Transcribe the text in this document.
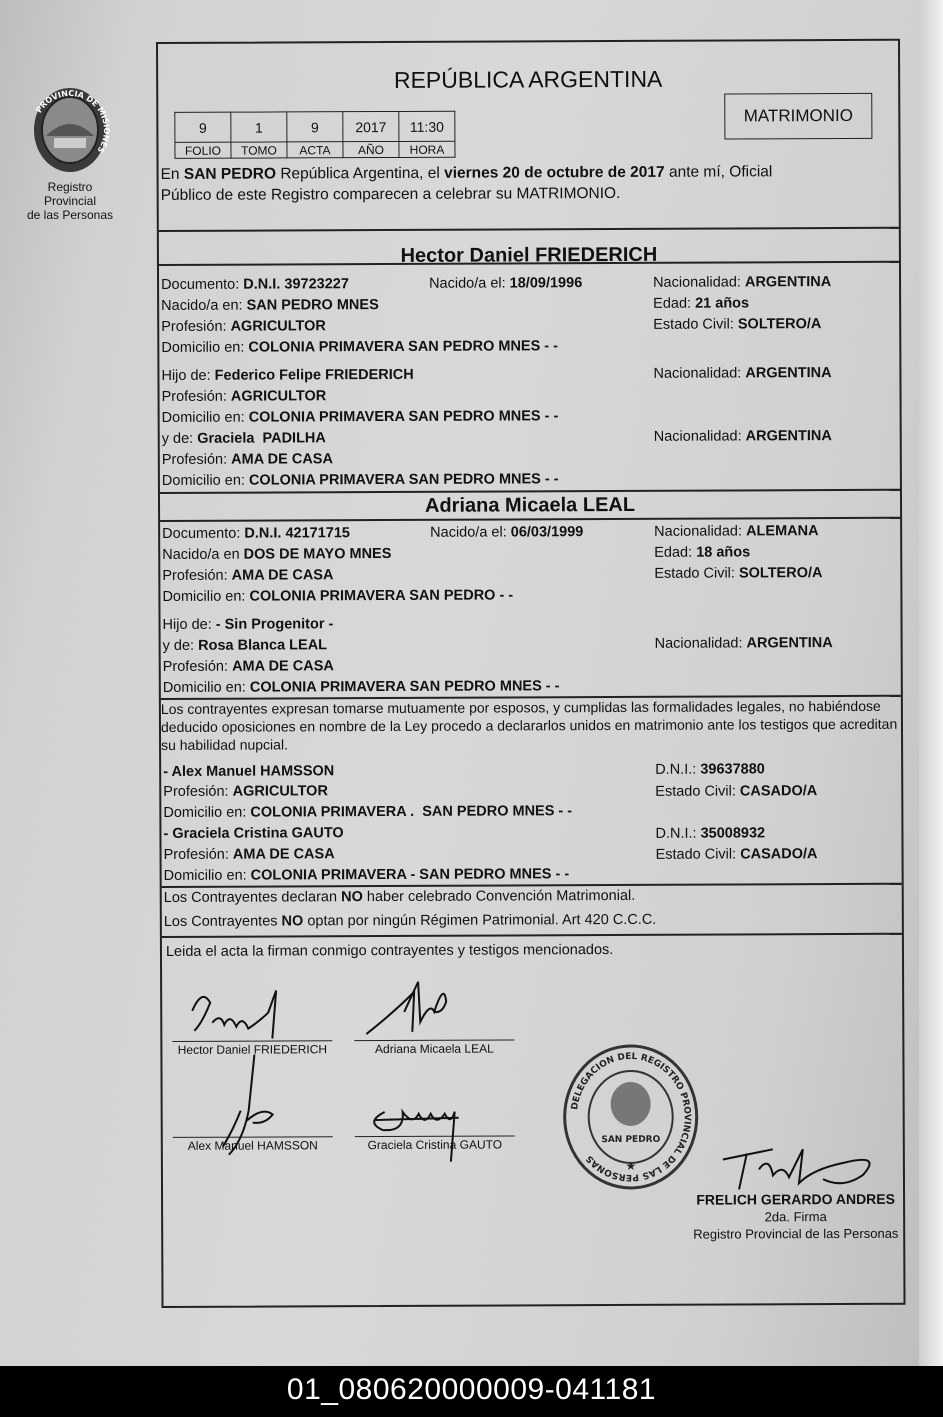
PROVINCIA DE MISIONES
Registro Provincial
de las Personas
REPÚBLICA ARGENTINA
9	1	9	2017	11:30
FOLIO	TOMO	ACTA	AÑO	HORA
MATRIMONIO
En SAN PEDRO República Argentina, el viernes 20 de octubre de 2017 ante mí, Oficial
Público de este Registro comparecen a celebrar su MATRIMONIO.
Hector Daniel FRIEDERICH
Documento: D.N.I. 39723227	Nacido/a el: 18/09/1996	Nacionalidad: ARGENTINA
Nacido/a en: SAN PEDRO MNES	Edad: 21 años
Profesión: AGRICULTOR	Estado Civil: SOLTERO/A
Domicilio en: COLONIA PRIMAVERA SAN PEDRO MNES - -
Hijo de: Federico Felipe FRIEDERICH	Nacionalidad: ARGENTINA
Profesión: AGRICULTOR
Domicilio en: COLONIA PRIMAVERA SAN PEDRO MNES - -
y de: Graciela  PADILHA	Nacionalidad: ARGENTINA
Profesión: AMA DE CASA
Domicilio en: COLONIA PRIMAVERA SAN PEDRO MNES - -
Adriana Micaela LEAL
Documento: D.N.I. 42171715	Nacido/a el: 06/03/1999	Nacionalidad: ALEMANA
Nacido/a en DOS DE MAYO MNES	Edad: 18 años
Profesión: AMA DE CASA	Estado Civil: SOLTERO/A
Domicilio en: COLONIA PRIMAVERA SAN PEDRO - -
Hijo de: - Sin Progenitor -
y de: Rosa Blanca LEAL	Nacionalidad: ARGENTINA
Profesión: AMA DE CASA
Domicilio en: COLONIA PRIMAVERA SAN PEDRO MNES - -
Los contrayentes expresan tomarse mutuamente por esposos, y cumplidas las formalidades legales, no habiéndose deducido oposiciones en nombre de la Ley procedo a declararlos unidos en matrimonio ante los testigos que acreditan su habilidad nupcial.
- Alex Manuel HAMSSON	D.N.I.: 39637880
Profesión: AGRICULTOR	Estado Civil: CASADO/A
Domicilio en: COLONIA PRIMAVERA .  SAN PEDRO MNES - -
- Graciela Cristina GAUTO	D.N.I.: 35008932
Profesión: AMA DE CASA	Estado Civil: CASADO/A
Domicilio en: COLONIA PRIMAVERA - SAN PEDRO MNES - -
Los Contrayentes declaran NO haber celebrado Convención Matrimonial.
Los Contrayentes NO optan por ningún Régimen Patrimonial. Art 420 C.C.C.
Leida el acta la firman conmigo contrayentes y testigos mencionados.
Hector Daniel FRIEDERICH	Adriana Micaela LEAL
Alex Manuel HAMSSON	Graciela Cristina GAUTO
DELEGACION DEL REGISTRO PROVINCIAL DE LAS PERSONAS
SAN PEDRO
★
FRELICH GERARDO ANDRES
2da. Firma
Registro Provincial de las Personas
01_080620000009-041181
